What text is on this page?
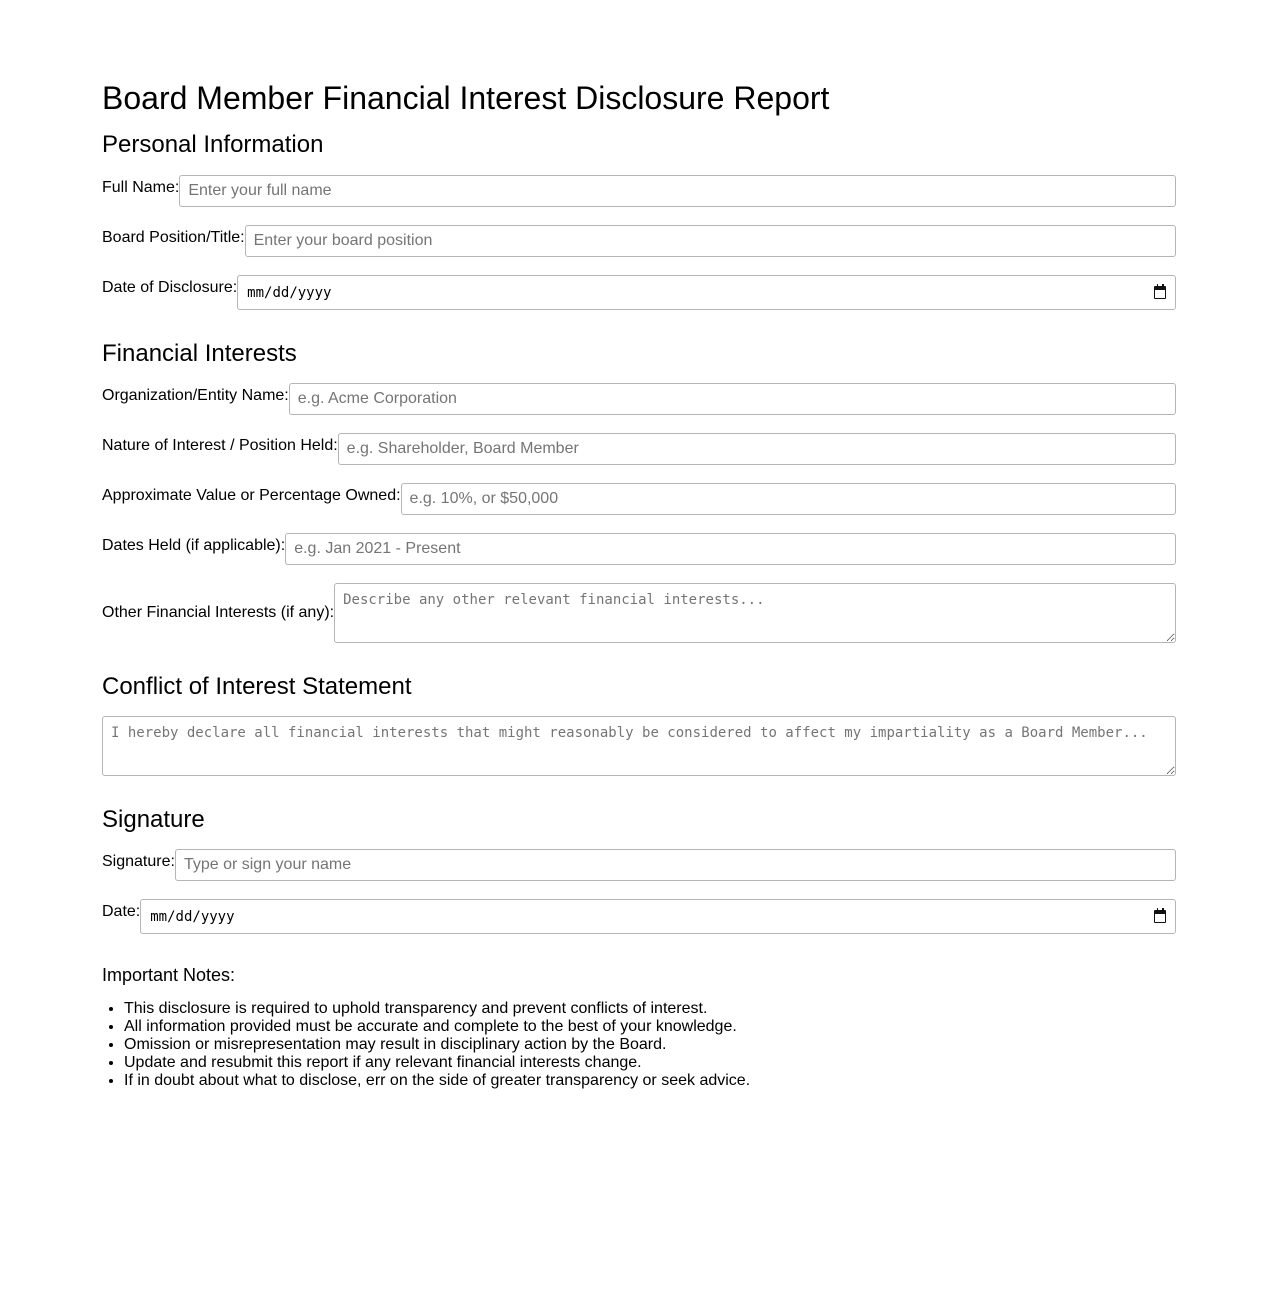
Board Member Financial Interest Disclosure Report
Personal Information
Full Name:
Enter your full name
Board Position/Title:
Enter your board position
Date of Disclosure: mm/dd/yyyy
Financial Interests
Organization/Entity Name:
e.g. Acme Corporation
Nature of Interest / Position Held:
e.g. Shareholder, Board Member
Approximate Value or Percentage Owned:
e.g. 10%, or $50,000
Dates Held (if applicable):
e.g. Jan 2021 - Present
Other Financial Interests (if any):
Describe any other relevant financial interests...
Conflict of Interest Statement
I hereby declare all financial interests that might reasonably be considered to affect my impartiality as a Board Member...
Signature
Signature:
Type or sign your name
Date: mm/dd/yyyy
Important Notes:
• This disclosure is required to uphold transparency and prevent conflicts of interest.
• All information provided must be accurate and complete to the best of your knowledge.
• Omission or misrepresentation may result in disciplinary action by the Board.
• Update and resubmit this report if any relevant financial interests change.
• If in doubt about what to disclose, err on the side of greater transparency or seek advice.
